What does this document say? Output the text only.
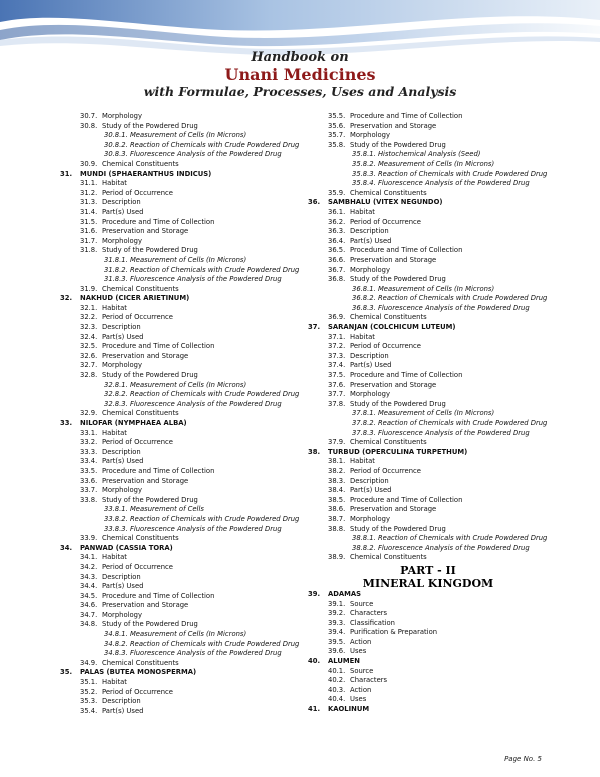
Handbook on
Unani Medicines
with Formulae, Processes, Uses and Analysis
30.7. Morphology
30.8. Study of the Powdered Drug
30.8.1. Measurement of Cells (In Microns)
30.8.2. Reaction of Chemicals with Crude Powdered Drug
30.8.3. Fluorescence Analysis of the Powdered Drug
30.9. Chemical Constituents
31. MUNDI (SPHAERANTHUS INDICUS)
31.1. Habitat
31.2. Period of Occurrence
31.3. Description
31.4. Part(s) Used
31.5. Procedure and Time of Collection
31.6. Preservation and Storage
31.7. Morphology
31.8. Study of the Powdered Drug
31.8.1. Measurement of Cells (In Microns)
31.8.2. Reaction of Chemicals with Crude Powdered Drug
31.8.3. Fluorescence Analysis of the Powdered Drug
31.9. Chemical Constituents
32. NAKHUD (CICER ARIETINUM)
32.1. Habitat
32.2. Period of Occurrence
32.3. Description
32.4. Part(s) Used
32.5. Procedure and Time of Collection
32.6. Preservation and Storage
32.7. Morphology
32.8. Study of the Powdered Drug
32.8.1. Measurement of Cells (In Microns)
32.8.2. Reaction of Chemicals with Crude Powdered Drug
32.8.3. Fluorescence Analysis of the Powdered Drug
32.9. Chemical Constituents
33. NILOFAR (NYMPHAEA ALBA)
33.1. Habitat
33.2. Period of Occurrence
33.3. Description
33.4. Part(s) Used
33.5. Procedure and Time of Collection
33.6. Preservation and Storage
33.7. Morphology
33.8. Study of the Powdered Drug
33.8.1. Measurement of Cells
33.8.2. Reaction of Chemicals with Crude Powdered Drug
33.8.3. Fluorescence Analysis of the Powdered Drug
33.9. Chemical Constituents
34. PANWAD (CASSIA TORA)
34.1. Habitat
34.2. Period of Occurrence
34.3. Description
34.4. Part(s) Used
34.5. Procedure and Time of Collection
34.6. Preservation and Storage
34.7. Morphology
34.8. Study of the Powdered Drug
34.8.1. Measurement of Cells (In Microns)
34.8.2. Reaction of Chemicals with Crude Powdered Drug
34.8.3. Fluorescence Analysis of the Powdered Drug
34.9. Chemical Constituents
35. PALAS (BUTEA MONOSPERMA)
35.1. Habitat
35.2. Period of Occurrence
35.3. Description
35.4. Part(s) Used
35.5. Procedure and Time of Collection
35.6. Preservation and Storage
35.7. Morphology
35.8. Study of the Powdered Drug
35.8.1. Histochemical Analysis (Seed)
35.8.2. Measurement of Cells (In Microns)
35.8.3. Reaction of Chemicals with Crude Powdered Drug
35.8.4. Fluorescence Analysis of the Powdered Drug
35.9. Chemical Constituents
36. SAMBHALU (VITEX NEGUNDO)
36.1. Habitat
36.2. Period of Occurrence
36.3. Description
36.4. Part(s) Used
36.5. Procedure and Time of Collection
36.6. Preservation and Storage
36.7. Morphology
36.8. Study of the Powdered Drug
36.8.1. Measurement of Cells (In Microns)
36.8.2. Reaction of Chemicals with Crude Powdered Drug
36.8.3. Fluorescence Analysis of the Powdered Drug
36.9. Chemical Constituents
37. SARANJAN (COLCHICUM LUTEUM)
37.1. Habitat
37.2. Period of Occurrence
37.3. Description
37.4. Part(s) Used
37.5. Procedure and Time of Collection
37.6. Preservation and Storage
37.7. Morphology
37.8. Study of the Powdered Drug
37.8.1. Measurement of Cells (In Microns)
37.8.2. Reaction of Chemicals with Crude Powdered Drug
37.8.3. Fluorescence Analysis of the Powdered Drug
37.9. Chemical Constituents
38. TURBUD (OPERCULINA TURPETHUM)
38.1. Habitat
38.2. Period of Occurrence
38.3. Description
38.4. Part(s) Used
38.5. Procedure and Time of Collection
38.6. Preservation and Storage
38.7. Morphology
38.8. Study of the Powdered Drug
38.8.1. Reaction of Chemicals with Crude Powdered Drug
38.8.2. Fluorescence Analysis of the Powdered Drug
38.9. Chemical Constituents
PART - II
MINERAL KINGDOM
39. ADAMAS
39.1. Source
39.2. Characters
39.3. Classification
39.4. Purification & Preparation
39.5. Action
39.6. Uses
40. ALUMEN
40.1. Source
40.2. Characters
40.3. Action
40.4. Uses
41. KAOLINUM
Page No. 5
